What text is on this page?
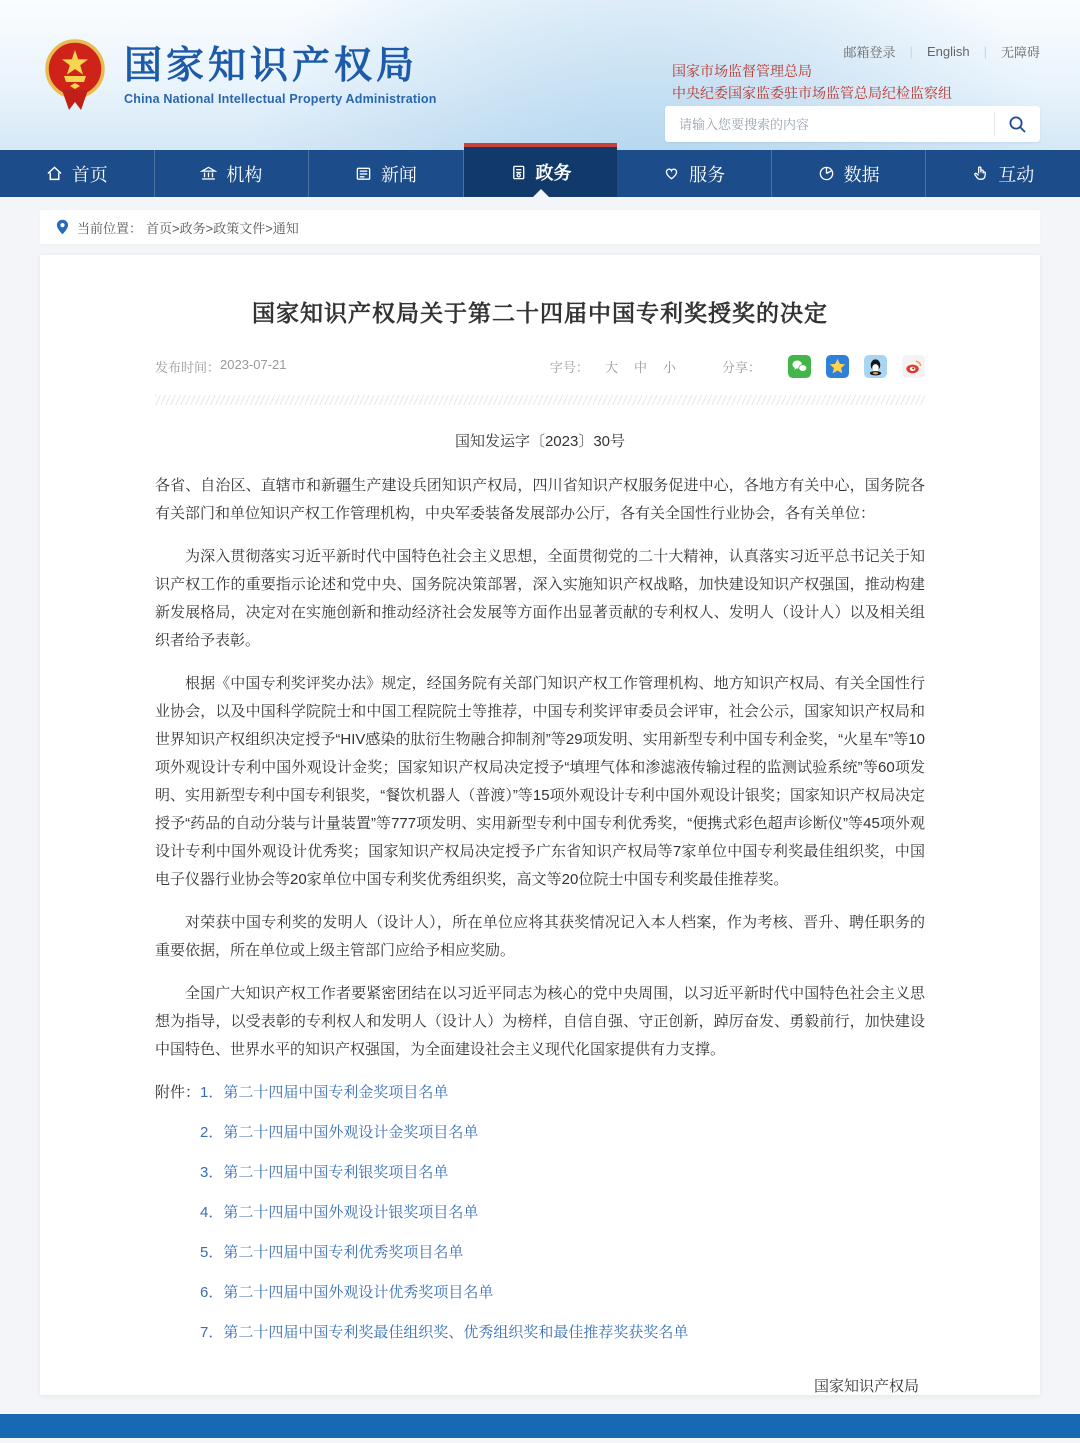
国家知识产权局
China National Intellectual Property Administration
邮箱登录 | English | 无障碍
国家市场监督管理总局
中央纪委国家监委驻市场监管总局纪检监察组
请输入您要搜索的内容
首页	机构	新闻	政务	服务	数据	互动
当前位置： 首页>政务>政策文件>通知
国家知识产权局关于第二十四届中国专利奖授奖的决定
发布时间： 2023-07-21	字号： 大 中 小	分享：
国知发运字〔2023〕30号

各省、自治区、直辖市和新疆生产建设兵团知识产权局，四川省知识产权服务促进中心，各地方有关中心，国务院各有关部门和单位知识产权工作管理机构，中央军委装备发展部办公厅，各有关全国性行业协会，各有关单位：

为深入贯彻落实习近平新时代中国特色社会主义思想，全面贯彻党的二十大精神，认真落实习近平总书记关于知识产权工作的重要指示论述和党中央、国务院决策部署，深入实施知识产权战略，加快建设知识产权强国，推动构建新发展格局，决定对在实施创新和推动经济社会发展等方面作出显著贡献的专利权人、发明人（设计人）以及相关组织者给予表彰。

根据《中国专利奖评奖办法》规定，经国务院有关部门知识产权工作管理机构、地方知识产权局、有关全国性行业协会，以及中国科学院院士和中国工程院院士等推荐，中国专利奖评审委员会评审，社会公示，国家知识产权局和世界知识产权组织决定授予“HIV感染的肽衍生物融合抑制剂”等29项发明、实用新型专利中国专利金奖，“火星车”等10项外观设计专利中国外观设计金奖；国家知识产权局决定授予“填埋气体和渗滤液传输过程的监测试验系统”等60项发明、实用新型专利中国专利银奖，“餐饮机器人（普渡）”等15项外观设计专利中国外观设计银奖；国家知识产权局决定授予“药品的自动分装与计量装置”等777项发明、实用新型专利中国专利优秀奖，“便携式彩色超声诊断仪”等45项外观设计专利中国外观设计优秀奖；国家知识产权局决定授予广东省知识产权局等7家单位中国专利奖最佳组织奖，中国电子仪器行业协会等20家单位中国专利奖优秀组织奖，高文等20位院士中国专利奖最佳推荐奖。

对荣获中国专利奖的发明人（设计人），所在单位应将其获奖情况记入本人档案，作为考核、晋升、聘任职务的重要依据，所在单位或上级主管部门应给予相应奖励。

全国广大知识产权工作者要紧密团结在以习近平同志为核心的党中央周围，以习近平新时代中国特色社会主义思想为指导，以受表彰的专利权人和发明人（设计人）为榜样，自信自强、守正创新，踔厉奋发、勇毅前行，加快建设中国特色、世界水平的知识产权强国，为全面建设社会主义现代化国家提供有力支撑。

附件： 1．第二十四届中国专利金奖项目名单
2．第二十四届中国外观设计金奖项目名单
3．第二十四届中国专利银奖项目名单
4．第二十四届中国外观设计银奖项目名单
5．第二十四届中国专利优秀奖项目名单
6．第二十四届中国外观设计优秀奖项目名单
7．第二十四届中国专利奖最佳组织奖、优秀组织奖和最佳推荐奖获奖名单
国家知识产权局
